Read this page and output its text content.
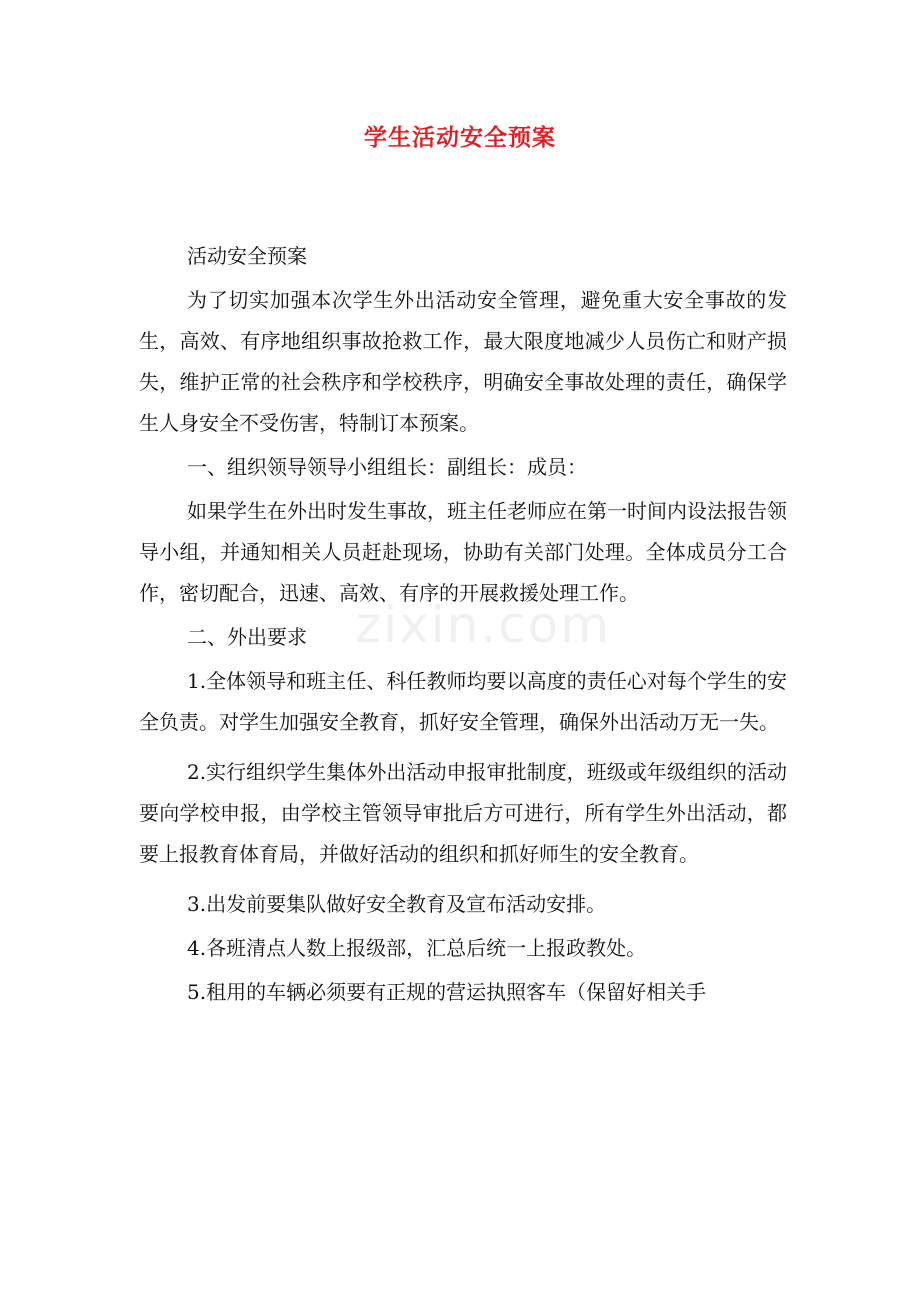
学生活动安全预案
zixin.com

活动安全预案

为了切实加强本次学生外出活动安全管理，避免重大安全事故的发生，高效、有序地组织事故抢救工作，最大限度地减少人员伤亡和财产损失，维护正常的社会秩序和学校秩序，明确安全事故处理的责任，确保学生人身安全不受伤害，特制订本预案。

一、组织领导领导小组组长：副组长：成员：

如果学生在外出时发生事故，班主任老师应在第一时间内设法报告领导小组，并通知相关人员赶赴现场，协助有关部门处理。全体成员分工合作，密切配合，迅速、高效、有序的开展救援处理工作。

二、外出要求

1.全体领导和班主任、科任教师均要以高度的责任心对每个学生的安全负责。对学生加强安全教育，抓好安全管理，确保外出活动万无一失。

2.实行组织学生集体外出活动申报审批制度，班级或年级组织的活动要向学校申报，由学校主管领导审批后方可进行，所有学生外出活动，都要上报教育体育局，并做好活动的组织和抓好师生的安全教育。

3.出发前要集队做好安全教育及宣布活动安排。

4.各班清点人数上报级部，汇总后统一上报政教处。

5.租用的车辆必须要有正规的营运执照客车（保留好相关手
